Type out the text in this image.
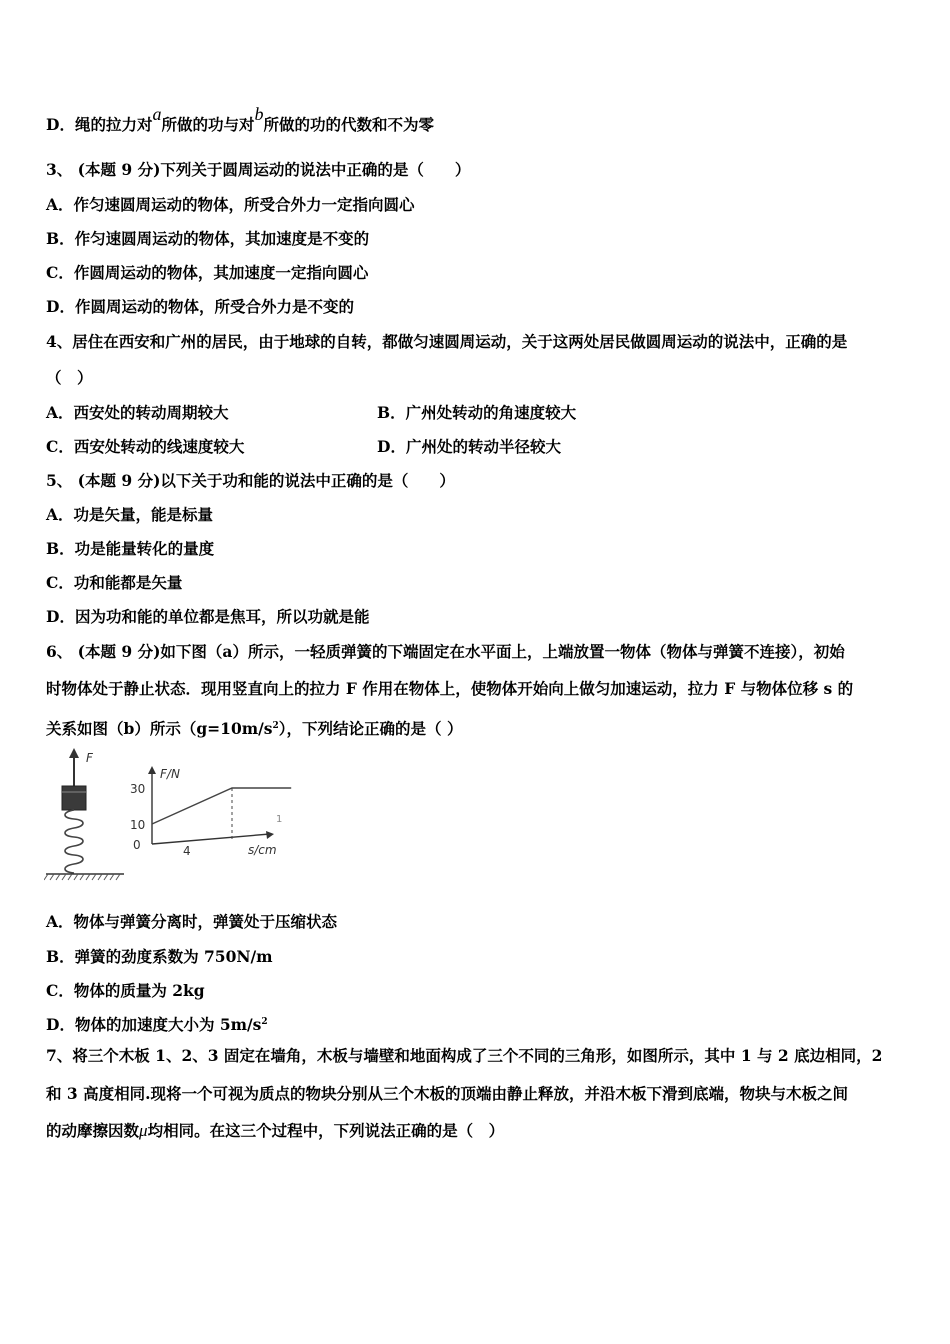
D．绳的拉力对a所做的功与对b所做的功的代数和不为零
3、 (本题 9 分)下列关于圆周运动的说法中正确的是（　　）
A．作匀速圆周运动的物体，所受合外力一定指向圆心
B．作匀速圆周运动的物体，其加速度是不变的
C．作圆周运动的物体，其加速度一定指向圆心
D．作圆周运动的物体，所受合外力是不变的
4、居住在西安和广州的居民，由于地球的自转，都做匀速圆周运动，关于这两处居民做圆周运动的说法中，正确的是
（　）
A．西安处的转动周期较大	B．广州处转动的角速度较大
C．西安处转动的线速度较大	D．广州处的转动半径较大
5、 (本题 9 分)以下关于功和能的说法中正确的是（　　）
A．功是矢量，能是标量
B．功是能量转化的量度
C．功和能都是矢量
D．因为功和能的单位都是焦耳，所以功就是能
6、 (本题 9 分)如下图（a）所示，一轻质弹簧的下端固定在水平面上，上端放置一物体（物体与弹簧不连接），初始
时物体处于静止状态．现用竖直向上的拉力 F 作用在物体上，使物体开始向上做匀加速运动，拉力 F 与物体位移 s 的
关系如图（b）所示$(g=10m/s^2)$，下列结论正确的是（ ）
F
F/N
s/cm
30
10
0	4
1
A．物体与弹簧分离时，弹簧处于压缩状态
B．弹簧的劲度系数为 750N/m
C．物体的质量为 2kg
D．物体的加速度大小为 $5m/s^2$
7、将三个木板 1、2、3 固定在墙角，木板与墙壁和地面构成了三个不同的三角形，如图所示，其中 1 与 2 底边相同，2
和 3 高度相同.现将一个可视为质点的物块分别从三个木板的顶端由静止释放，并沿木板下滑到底端，物块与木板之间
的动摩擦因数μ均相同。在这三个过程中，下列说法正确的是（　）
